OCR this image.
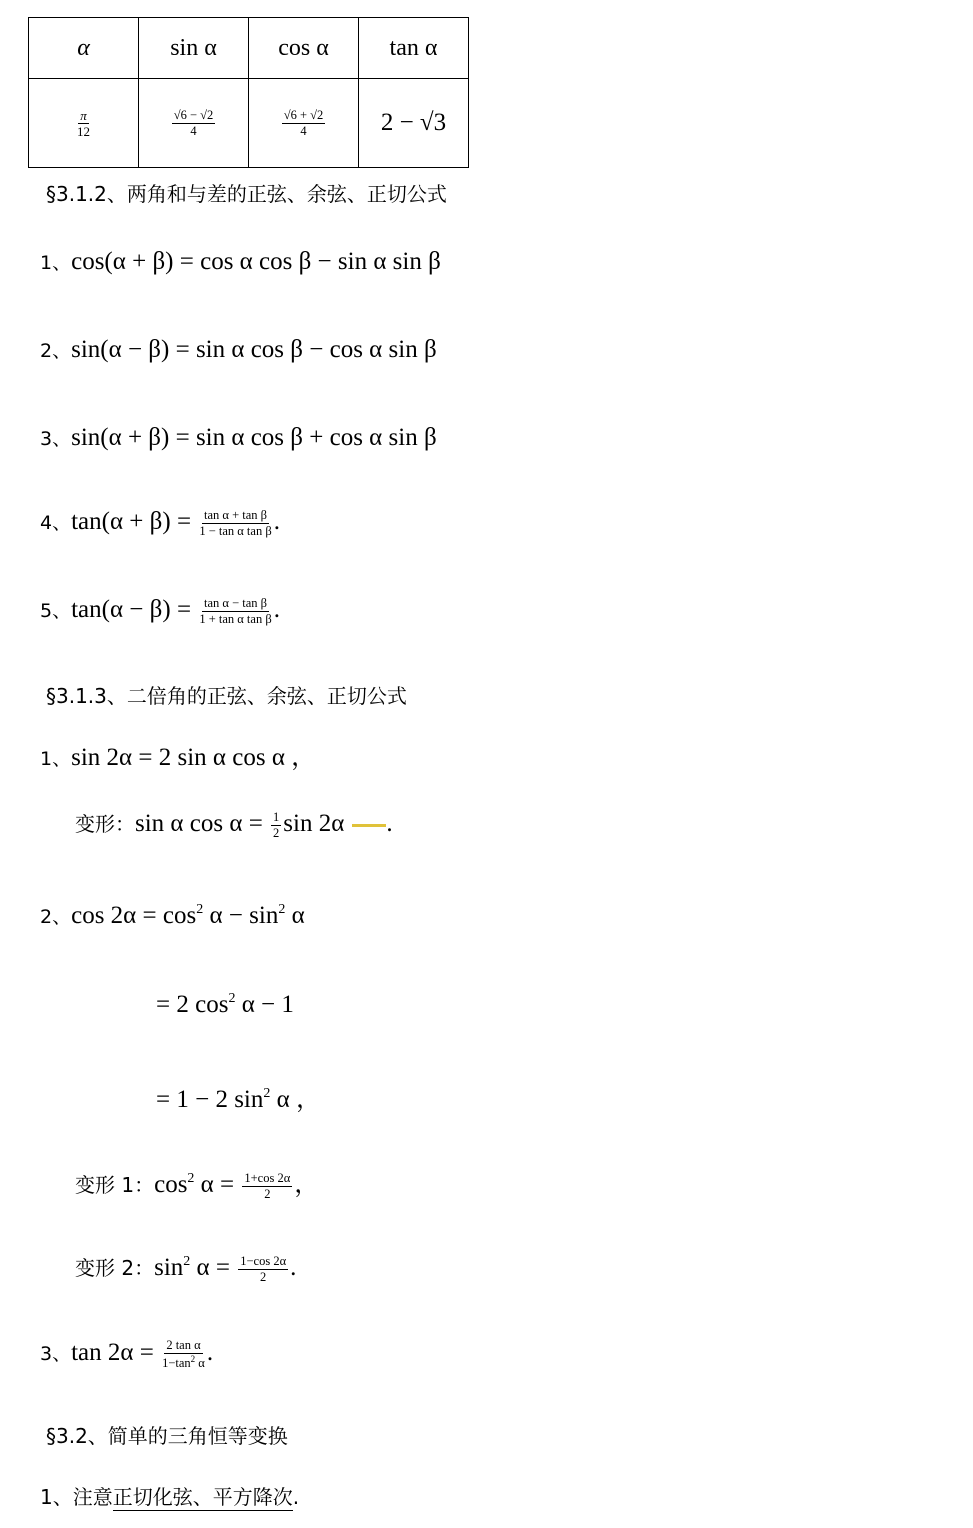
α	sin α	cos α	tan α

$\frac{\pi}{12}$	$\frac{√6 - √2}{4}$	$\frac{√6 + √2}{4}$	2 − √3
§3.1.2、两角和与差的正弦、余弦、正切公式
1、cos(α + β) = cos α cos β − sin α sin β
2、sin(α − β) = sin α cos β − cos α sin β
3、sin(α + β) = sin α cos β + cos α sin β
4、$\tan(\alpha + \beta) = \frac{\text{tan α + tan β}}{\text{1 − tan α tan β}}$ .
5、$\tan(\alpha - \beta) = \frac{\text{tan α − tan β}}{\text{1 + tan α tan β}}$ .
§3.1.3、二倍角的正弦、余弦、正切公式
1、sin 2α = 2 sin α cos α ，
变形：sin α $\cos \alpha = \frac{1}{2}$ sin 2α .
2、$\cos 2\alpha = \cos^2 \alpha - \sin^2 \alpha$
= 2 $\cos^2 \alpha - 1$
= 1 − 2 $\sin^2 \alpha$ ，
变形 1：$\cos^2 \alpha = \frac{1+\cos 2\alpha}{2}$ ，
变形 2：$\sin^2 \alpha = \frac{1-\cos 2\alpha}{2}$ .
3、$\tan 2\alpha = \frac{\text{2 tan α}}{1-\tan^2 \alpha}$ .
§3.2、简单的三角恒等变换
1、注意正切化弦、平方降次.
